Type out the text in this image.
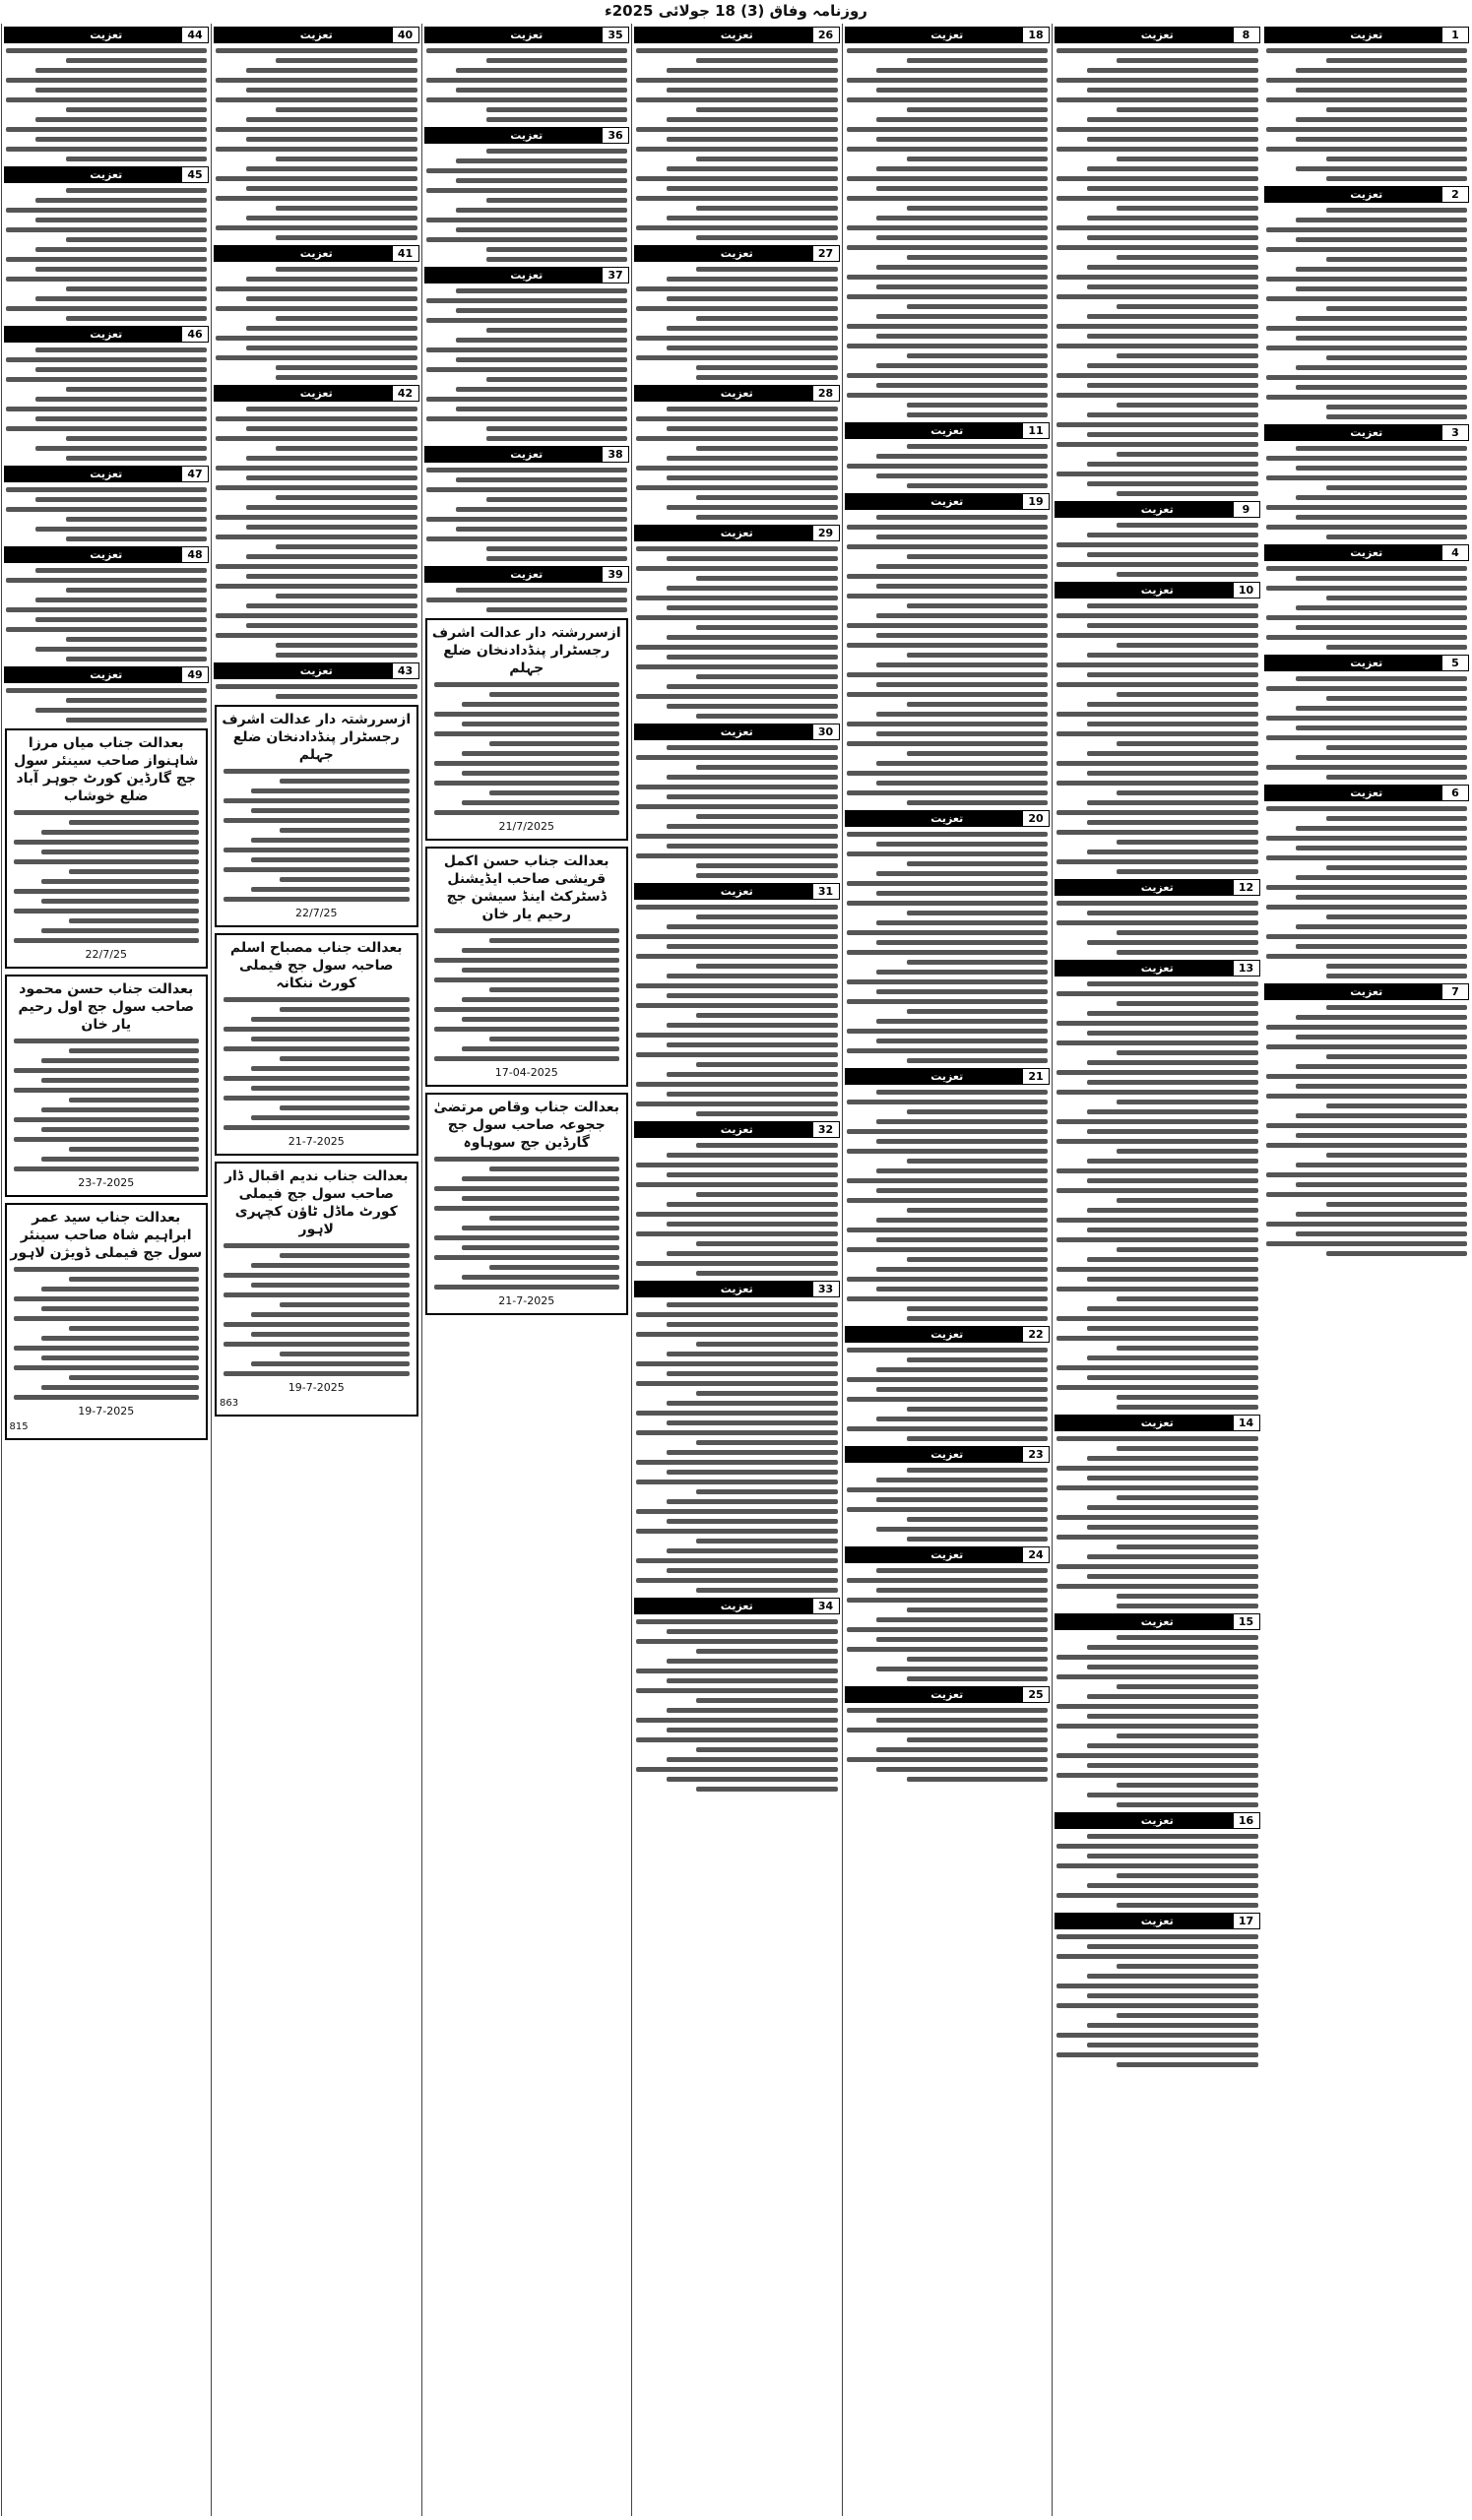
روزنامہ وفاق (3) 18 جولائی 2025ء
تعزیت	1
تعزیت	2
تعزیت	3
تعزیت	4
تعزیت	5
تعزیت	6
تعزیت	7
تعزیت	8
تعزیت	9
تعزیت	10
تعزیت	12
تعزیت	13
تعزیت	14
تعزیت	15
تعزیت	16
تعزیت	17
تعزیت	18
تعزیت	11
تعزیت	19
تعزیت	20
تعزیت	21
تعزیت	22
تعزیت	23
تعزیت	24
تعزیت	25
تعزیت	26
تعزیت	27
تعزیت	28
تعزیت	29
تعزیت	30
تعزیت	31
تعزیت	32
تعزیت	33
تعزیت	34
تعزیت	35
تعزیت	36
تعزیت	37
تعزیت	38
تعزیت	39
ازسررشتہ دار عدالت اشرف رجسٹرار پنڈدادنخان ضلع جہلم
21/7/2025
بعدالت جناب حسن اکمل قریشی صاحب ایڈیشنل ڈسٹرکٹ اینڈ سیشن جج رحیم یار خان
17-04-2025
بعدالت جناب وقاص مرتضیٰ ججوعہ صاحب سول جج گارڈین جج سوہاوہ
21-7-2025
تعزیت	40
تعزیت	41
تعزیت	42
تعزیت	43
ازسررشتہ دار عدالت اشرف رجسٹرار پنڈدادنخان ضلع جہلم
22/7/25
بعدالت جناب مصباح اسلم صاحبہ سول جج فیملی کورٹ ننکانہ
21-7-2025
بعدالت جناب ندیم اقبال ڈار صاحب سول جج فیملی کورٹ ماڈل ٹاؤن کچہری لاہور
19-7-2025
863
تعزیت	44
تعزیت	45
تعزیت	46
تعزیت	47
تعزیت	48
تعزیت	49
بعدالت جناب میاں مرزا شاہنواز صاحب سینئر سول جج گارڈین کورٹ جوہر آباد ضلع خوشاب
22/7/25
بعدالت جناب حسن محمود صاحب سول جج اول رحیم یار خان
23-7-2025
بعدالت جناب سید عمر ابراہیم شاہ صاحب سینئر سول جج فیملی ڈویژن لاہور
19-7-2025
815
